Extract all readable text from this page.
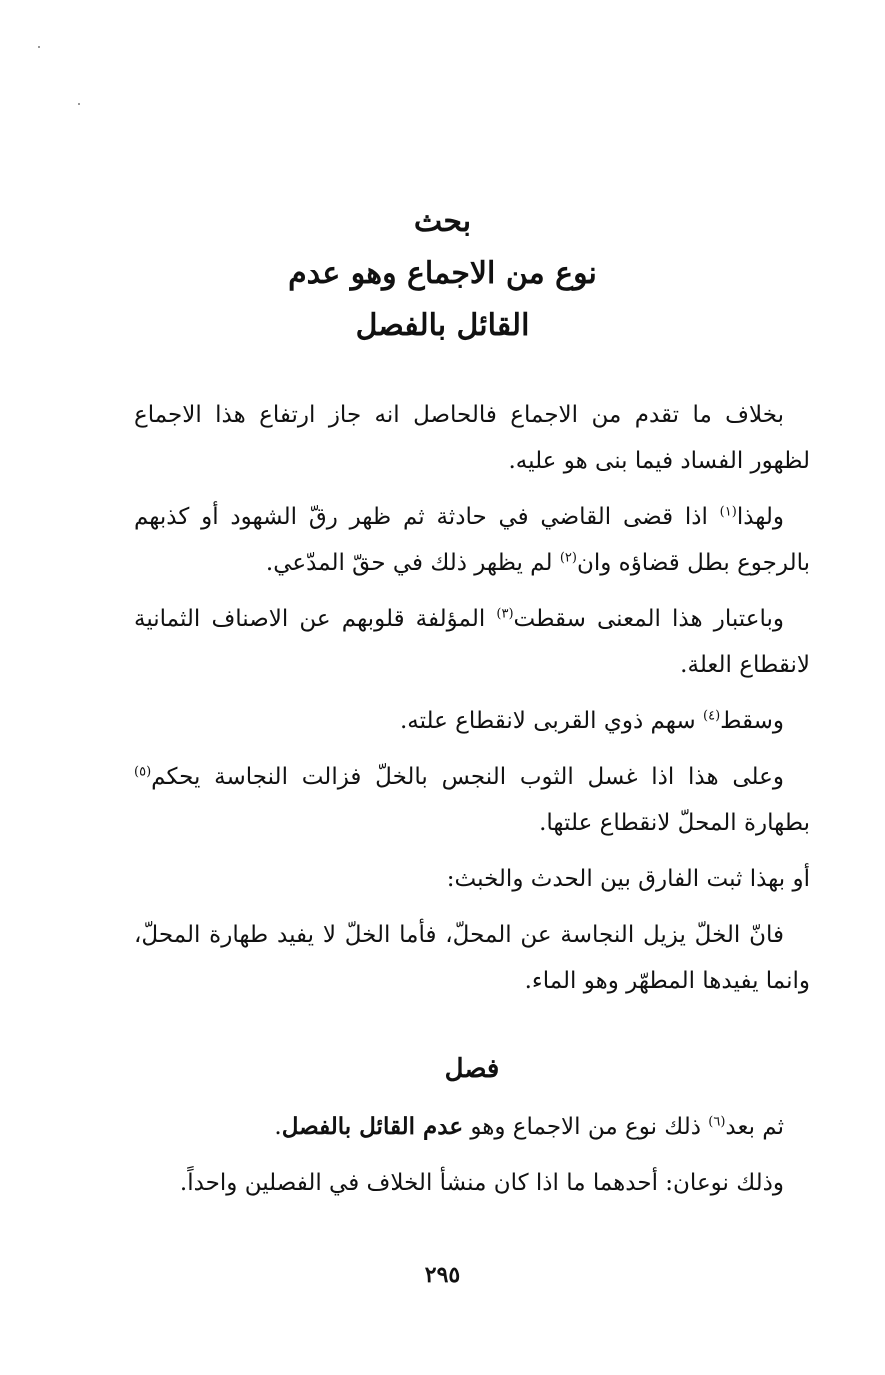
بحث
نوع من الاجماع وهو عدم
القائل بالفصل

بخلاف ما تقدم من الاجماع فالحاصل انه جاز ارتفاع هذا الاجماع لظهور الفساد فيما بنى هو عليه.

ولهذا$^{(١)}$ اذا قضى القاضي في حادثة ثم ظهر رقّ الشهود أو كذبهم بالرجوع بطل قضاؤه وان$^{(٢)}$ لم يظهر ذلك في حقّ المدّعي.

وباعتبار هذا المعنى سقطت$^{(٣)}$ المؤلفة قلوبهم عن الاصناف الثمانية لانقطاع العلة.

وسقط$^{(٤)}$ سهم ذوي القربى لانقطاع علته.

وعلى هذا اذا غسل الثوب النجس بالخلّ فزالت النجاسة يحكم$^{(٥)}$ بطهارة المحلّ لانقطاع علتها.

أو بهذا ثبت الفارق بين الحدث والخبث:

فانّ الخلّ يزيل النجاسة عن المحلّ، فأما الخلّ لا يفيد طهارة المحلّ، وانما يفيدها المطهّر وهو الماء.

فصل

ثم بعد$^{(٦)}$ ذلك نوع من الاجماع وهو عدم القائل بالفصل.

وذلك نوعان: أحدهما ما اذا كان منشأ الخلاف في الفصلين واحداً.

٢٩٥
